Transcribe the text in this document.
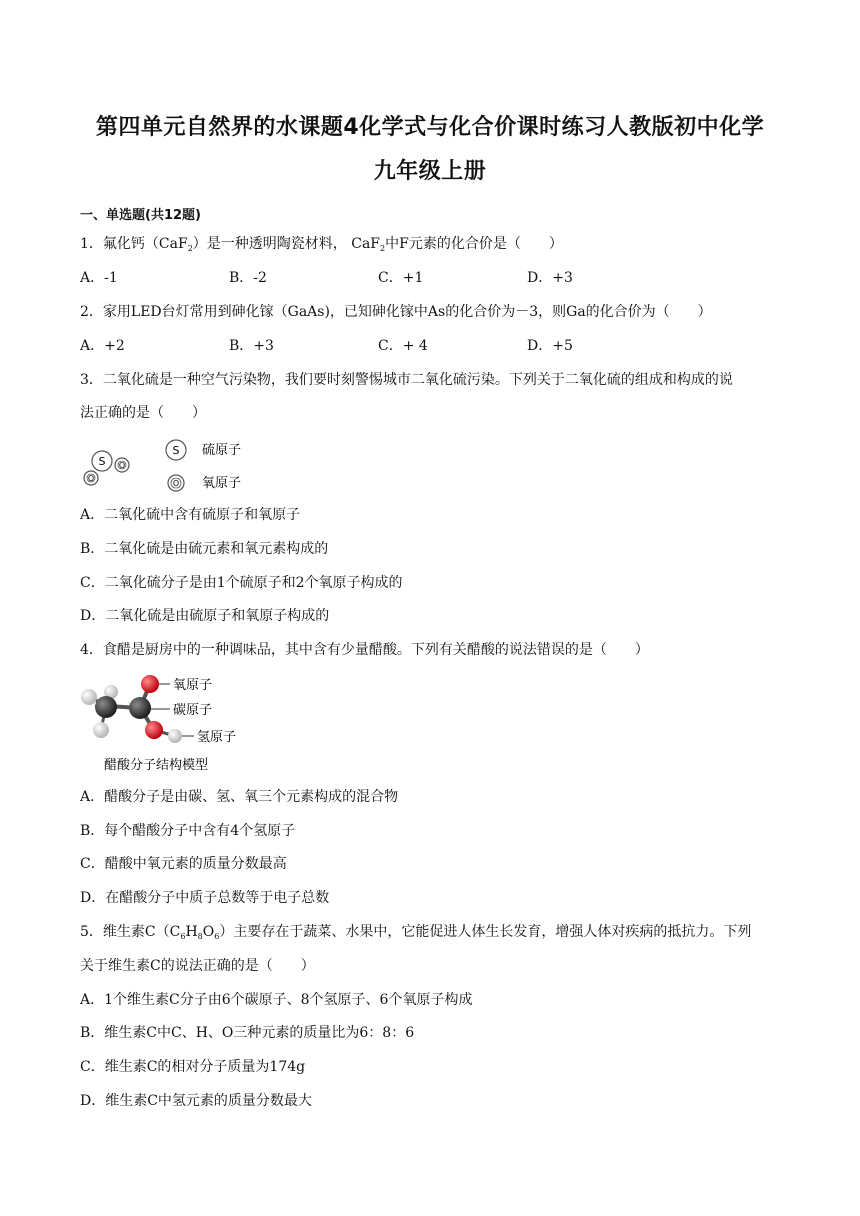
第四单元自然界的水课题4化学式与化合价课时练习人教版初中化学
九年级上册
一、单选题(共12题)
1．氟化钙（CaF$_2$）是一种透明陶瓷材料， CaF$_2$中F元素的化合价是（　　）
A．-1	B．-2	C．+1	D．+3
2．家用LED台灯常用到砷化镓（GaAs)，已知砷化镓中As的化合价为－3，则Ga的化合价为（　　）
A．+2	B．+3	C．+ 4	D．+5
3．二氧化硫是一种空气污染物，我们要时刻警惕城市二氧化硫污染。下列关于二氧化硫的组成和构成的说
法正确的是（　　）
S O
O
S 硫原子
O 氧原子
A．二氧化硫中含有硫原子和氧原子
B．二氧化硫是由硫元素和氧元素构成的
C．二氧化硫分子是由1个硫原子和2个氧原子构成的
D．二氧化硫是由硫原子和氧原子构成的
4．食醋是厨房中的一种调味品，其中含有少量醋酸。下列有关醋酸的说法错误的是（　　）
氧原子
碳原子
氢原子
醋酸分子结构模型
A．醋酸分子是由碳、氢、氧三个元素构成的混合物
B．每个醋酸分子中含有4个氢原子
C．醋酸中氧元素的质量分数最高
D．在醋酸分子中质子总数等于电子总数
5．维生素$C(C_6H_8O_6)$主要存在于蔬菜、水果中，它能促进人体生长发育，增强人体对疾病的抵抗力。下列
关于维生素C的说法正确的是（　　）
A．1个维生素C分子由6个碳原子、8个氢原子、6个氧原子构成
B．维生素C中C、H、O三种元素的质量比为6：8：6
C．维生素C的相对分子质量为174g
D．维生素C中氢元素的质量分数最大
